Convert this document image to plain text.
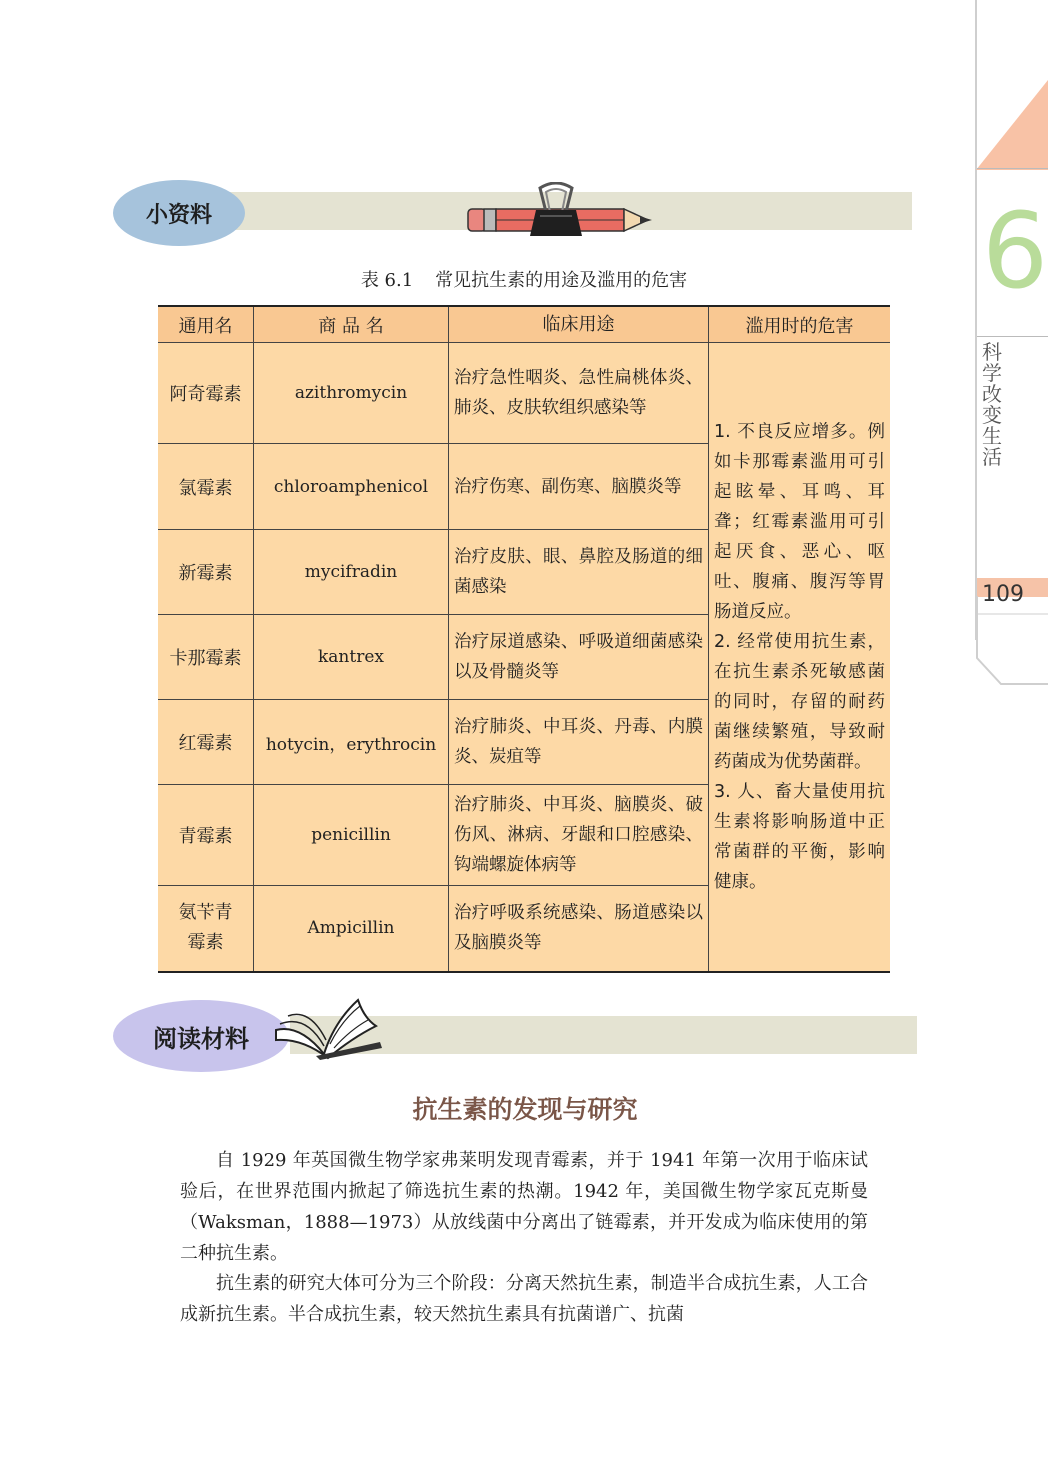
6
科学改变生活
109
小资料
表 6.1 常见抗生素的用途及滥用的危害
通用名	商 品 名	临床用途	滥用时的危害
阿奇霉素	azithromycin	治疗急性咽炎、急性扁桃体炎、肺炎、皮肤软组织感染等	1. 不良反应增多。例如卡那霉素滥用可引起眩晕、耳鸣、耳聋；红霉素滥用可引起厌食、恶心、呕吐、腹痛、腹泻等胃肠道反应。
2. 经常使用抗生素，在抗生素杀死敏感菌的同时，存留的耐药菌继续繁殖，导致耐药菌成为优势菌群。
3. 人、畜大量使用抗生素将影响肠道中正常菌群的平衡，影响健康。

氯霉素	chloroamphenicol	治疗伤寒、副伤寒、脑膜炎等	
新霉素	mycifradin	治疗皮肤、眼、鼻腔及肠道的细菌感染	
卡那霉素	kantrex	治疗尿道感染、呼吸道细菌感染以及骨髓炎等	
红霉素	hotycin，erythrocin	治疗肺炎、中耳炎、丹毒、内膜炎、炭疽等	
青霉素	penicillin	治疗肺炎、中耳炎、脑膜炎、破伤风、淋病、牙龈和口腔感染、钩端螺旋体病等	

氨苄青霉素	Ampicillin	治疗呼吸系统感染、肠道感染以及脑膜炎等	
阅读材料
抗生素的发现与研究
自 1929 年英国微生物学家弗莱明发现青霉素，并于 1941 年第一次用于临床试验后，在世界范围内掀起了筛选抗生素的热潮。1942 年，美国微生物学家瓦克斯曼（Waksman，1888—1973）从放线菌中分离出了链霉素，并开发成为临床使用的第二种抗生素。
抗生素的研究大体可分为三个阶段：分离天然抗生素，制造半合成抗生素，人工合成新抗生素。半合成抗生素，较天然抗生素具有抗菌谱广、抗菌
